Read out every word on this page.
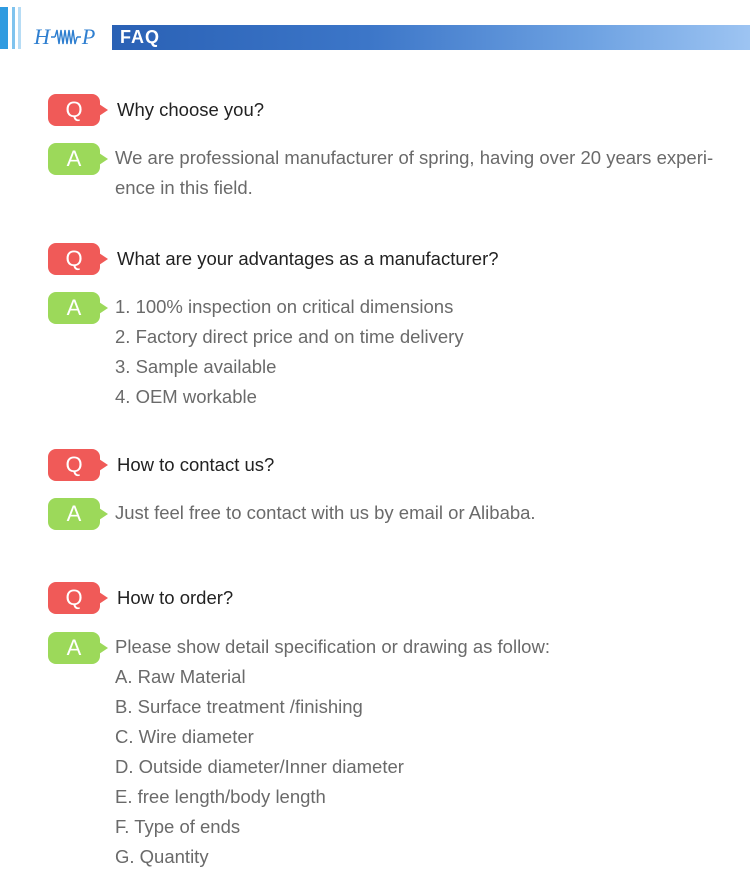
H P FAQ
Q	Why choose you?
A	We are professional manufacturer of spring, having over 20 years experi-
ence in this field.
Q	What are your advantages as a manufacturer?
A	1. 100% inspection on critical dimensions
2. Factory direct price and on time delivery
3. Sample available
4. OEM workable
Q	How to contact us?
A	Just feel free to contact with us by email or Alibaba.
Q	How to order?
A	Please show detail specification or drawing as follow:
A. Raw Material
B. Surface treatment /finishing
C. Wire diameter
D. Outside diameter/Inner diameter
E. free length/body length
F. Type of ends
G. Quantity
